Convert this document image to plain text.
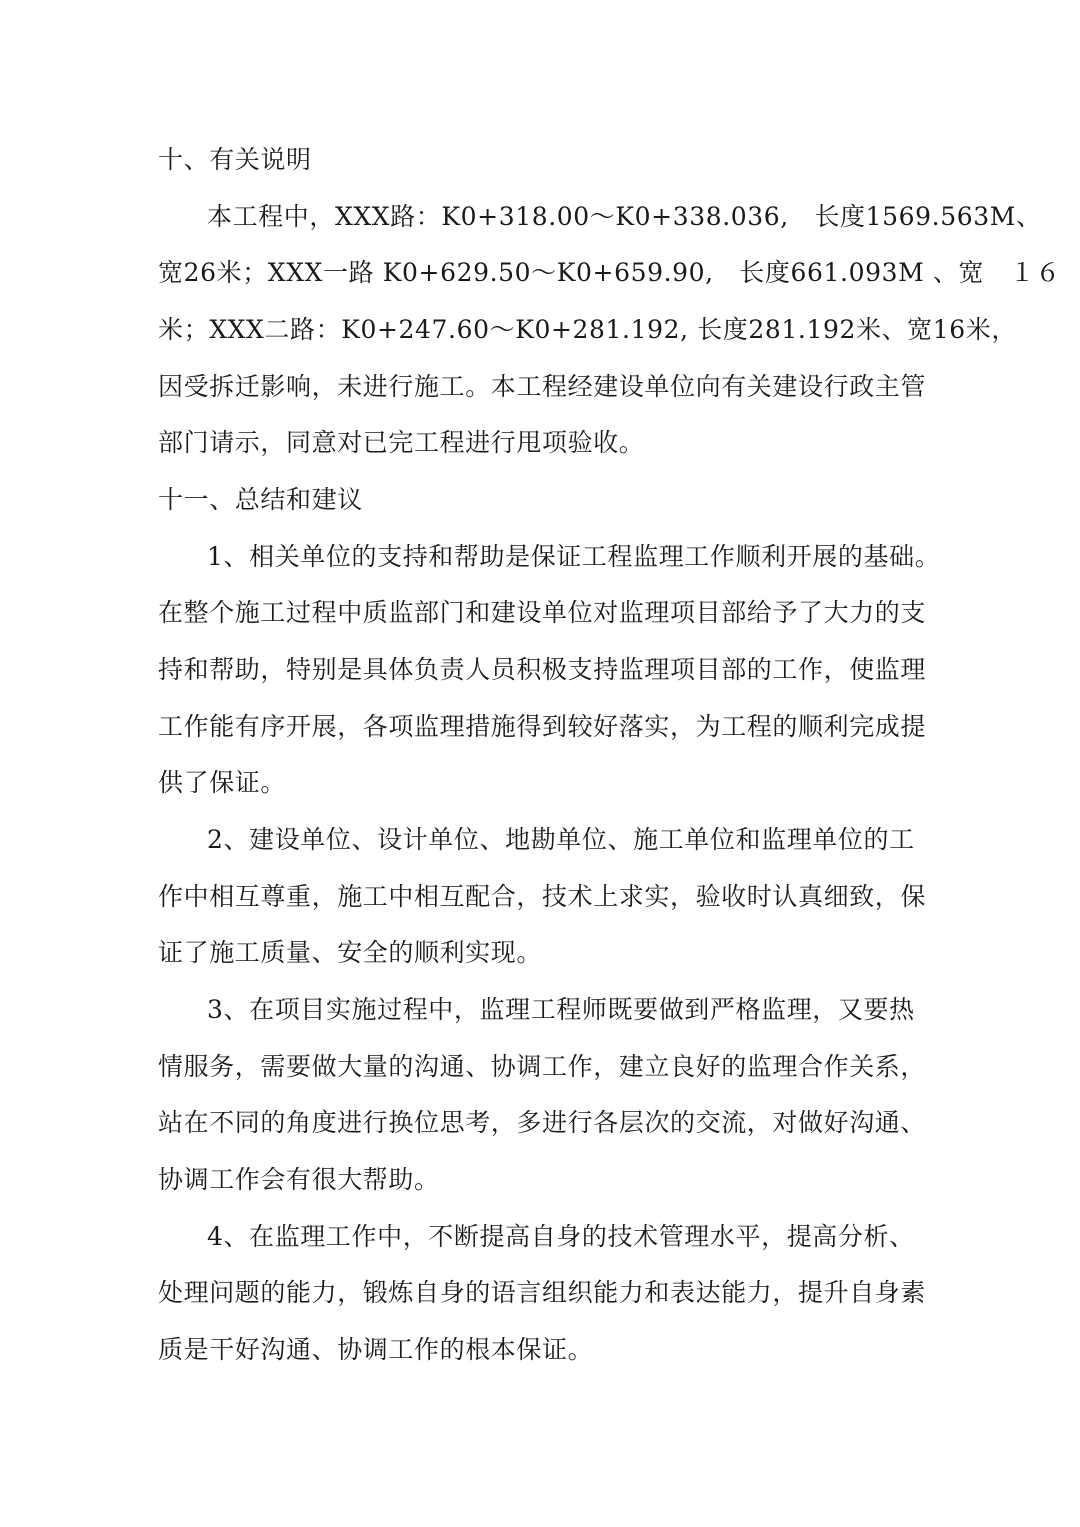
十、有关说明
本工程中，XXX路：K0+318.00～K0+338.036,　长度1569.563M、
宽26米；XXX一路 K0+629.50～K0+659.90,　长度661.093M 、宽　１６
米；XXX二路：K0+247.60～K0+281.192, 长度281.192米、宽16米，
因受拆迁影响，未进行施工。本工程经建设单位向有关建设行政主管
部门请示，同意对已完工程进行甩项验收。
十一、总结和建议
1、相关单位的支持和帮助是保证工程监理工作顺利开展的基础。
在整个施工过程中质监部门和建设单位对监理项目部给予了大力的支
持和帮助，特别是具体负责人员积极支持监理项目部的工作，使监理
工作能有序开展，各项监理措施得到较好落实，为工程的顺利完成提
供了保证。
2、建设单位、设计单位、地勘单位、施工单位和监理单位的工
作中相互尊重，施工中相互配合，技术上求实，验收时认真细致，保
证了施工质量、安全的顺利实现。
3、在项目实施过程中，监理工程师既要做到严格监理，又要热
情服务，需要做大量的沟通、协调工作，建立良好的监理合作关系，
站在不同的角度进行换位思考，多进行各层次的交流，对做好沟通、
协调工作会有很大帮助。
4、在监理工作中，不断提高自身的技术管理水平，提高分析、
处理问题的能力，锻炼自身的语言组织能力和表达能力，提升自身素
质是干好沟通、协调工作的根本保证。
